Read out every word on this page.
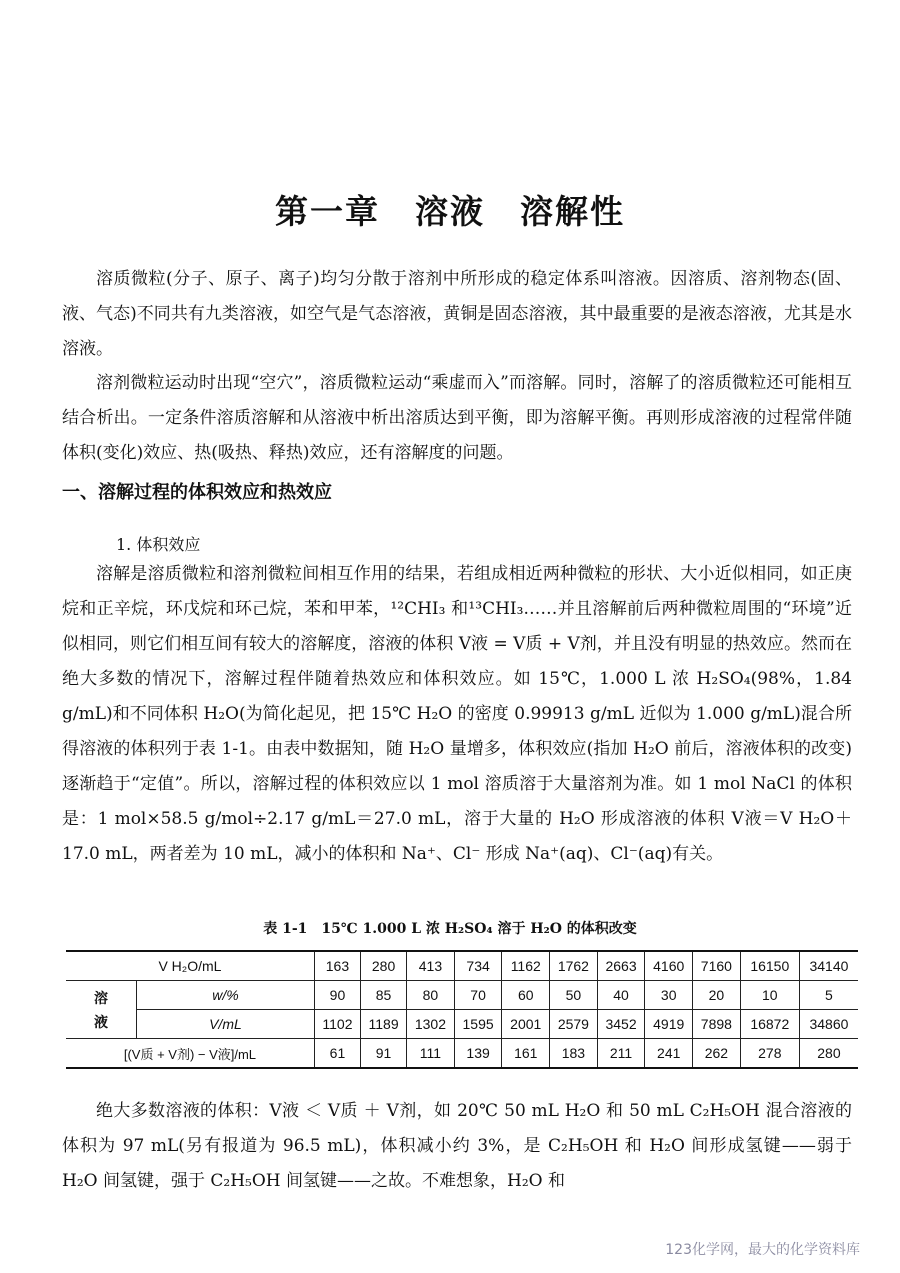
第一章　溶液　溶解性

溶质微粒(分子、原子、离子)均匀分散于溶剂中所形成的稳定体系叫溶液。因溶质、溶剂物态(固、液、气态)不同共有九类溶液，如空气是气态溶液，黄铜是固态溶液，其中最重要的是液态溶液，尤其是水溶液。

溶剂微粒运动时出现“空穴”，溶质微粒运动“乘虚而入”而溶解。同时，溶解了的溶质微粒还可能相互结合析出。一定条件溶质溶解和从溶液中析出溶质达到平衡，即为溶解平衡。再则形成溶液的过程常伴随体积(变化)效应、热(吸热、释热)效应，还有溶解度的问题。

一、溶解过程的体积效应和热效应
1. 体积效应

溶解是溶质微粒和溶剂微粒间相互作用的结果，若组成相近两种微粒的形状、大小近似相同，如正庚烷和正辛烷，环戊烷和环己烷，苯和甲苯，¹²CHI₃ 和¹³CHI₃……并且溶解前后两种微粒周围的“环境”近似相同，则它们相互间有较大的溶解度，溶液的体积 V液 = V质 + V剂，并且没有明显的热效应。然而在绝大多数的情况下，溶解过程伴随着热效应和体积效应。如 15℃，1.000 L 浓 H₂SO₄(98%，1.84 g/mL)和不同体积 H₂O(为简化起见，把 15℃ H₂O 的密度 0.99913 g/mL 近似为 1.000 g/mL)混合所得溶液的体积列于表 1-1。由表中数据知，随 H₂O 量增多，体积效应(指加 H₂O 前后，溶液体积的改变)逐渐趋于“定值”。所以，溶解过程的体积效应以 1 mol 溶质溶于大量溶剂为准。如 1 mol NaCl 的体积是：1 mol×58.5 g/mol÷2.17 g/mL＝27.0 mL，溶于大量的 H₂O 形成溶液的体积 V液＝V H₂O＋17.0 mL，两者差为 10 mL，减小的体积和 Na⁺、Cl⁻ 形成 Na⁺(aq)、Cl⁻(aq)有关。

表 1-1　15℃ 1.000 L 浓 H₂SO₄ 溶于 H₂O 的体积改变
V H₂O/mL		163	280	413	734	1162	1762	2663	4160	7160	16150	34140

溶
液	w/%	90	85	80	70	60	50	40	30	20	10	5
	V/mL	1102	1189	1302	1595	2001	2579	3452	4919	7898	16872	34860
[(V质 + V剂) − V液]/mL		61	91	111	139	161	183	211	241	262	278	280

绝大多数溶液的体积：V液 ＜ V质 ＋ V剂，如 20℃ 50 mL H₂O 和 50 mL C₂H₅OH 混合溶液的体积为 97 mL(另有报道为 96.5 mL)，体积减小约 3%，是 C₂H₅OH 和 H₂O 间形成氢键——弱于 H₂O 间氢键，强于 C₂H₅OH 间氢键——之故。不难想象，H₂O 和

123化学网，最大的化学资料库
